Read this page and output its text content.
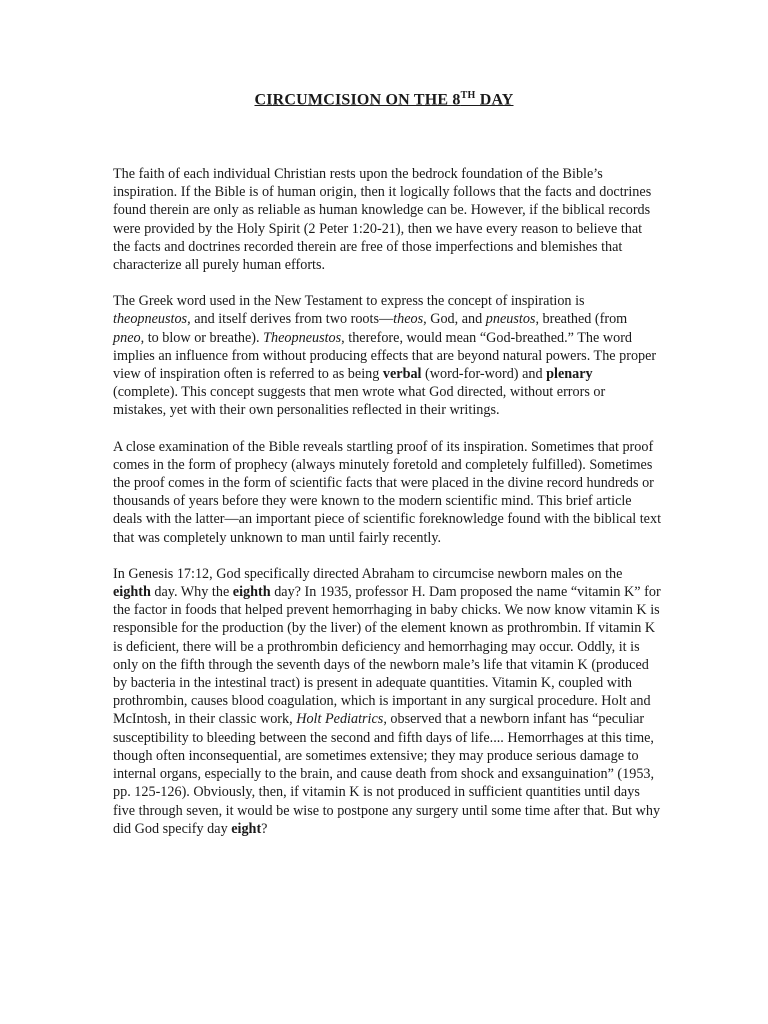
CIRCUMCISION ON THE 8TH DAY

The faith of each individual Christian rests upon the bedrock foundation of the Bible’s inspiration. If the Bible is of human origin, then it logically follows that the facts and doctrines found therein are only as reliable as human knowledge can be. However, if the biblical records were provided by the Holy Spirit (2 Peter 1:20-21), then we have every reason to believe that the facts and doctrines recorded therein are free of those imperfections and blemishes that characterize all purely human efforts.

The Greek word used in the New Testament to express the concept of inspiration is theopneustos, and itself derives from two roots—theos, God, and pneustos, breathed (from pneo, to blow or breathe). Theopneustos, therefore, would mean “God-breathed.” The word implies an influence from without producing effects that are beyond natural powers. The proper view of inspiration often is referred to as being verbal (word-for-word) and plenary (complete). This concept suggests that men wrote what God directed, without errors or mistakes, yet with their own personalities reflected in their writings.

A close examination of the Bible reveals startling proof of its inspiration. Sometimes that proof comes in the form of prophecy (always minutely foretold and completely fulfilled). Sometimes the proof comes in the form of scientific facts that were placed in the divine record hundreds or thousands of years before they were known to the modern scientific mind. This brief article deals with the latter—an important piece of scientific foreknowledge found with the biblical text that was completely unknown to man until fairly recently.

In Genesis 17:12, God specifically directed Abraham to circumcise newborn males on the eighth day. Why the eighth day? In 1935, professor H. Dam proposed the name “vitamin K” for the factor in foods that helped prevent hemorrhaging in baby chicks. We now know vitamin K is responsible for the production (by the liver) of the element known as prothrombin. If vitamin K is deficient, there will be a prothrombin deficiency and hemorrhaging may occur. Oddly, it is only on the fifth through the seventh days of the newborn male’s life that vitamin K (produced by bacteria in the intestinal tract) is present in adequate quantities. Vitamin K, coupled with prothrombin, causes blood coagulation, which is important in any surgical procedure. Holt and McIntosh, in their classic work, Holt Pediatrics, observed that a newborn infant has “peculiar susceptibility to bleeding between the second and fifth days of life.... Hemorrhages at this time, though often inconsequential, are sometimes extensive; they may produce serious damage to internal organs, especially to the brain, and cause death from shock and exsanguination” (1953, pp. 125-126). Obviously, then, if vitamin K is not produced in sufficient quantities until days five through seven, it would be wise to postpone any surgery until some time after that. But why did God specify day eight?
